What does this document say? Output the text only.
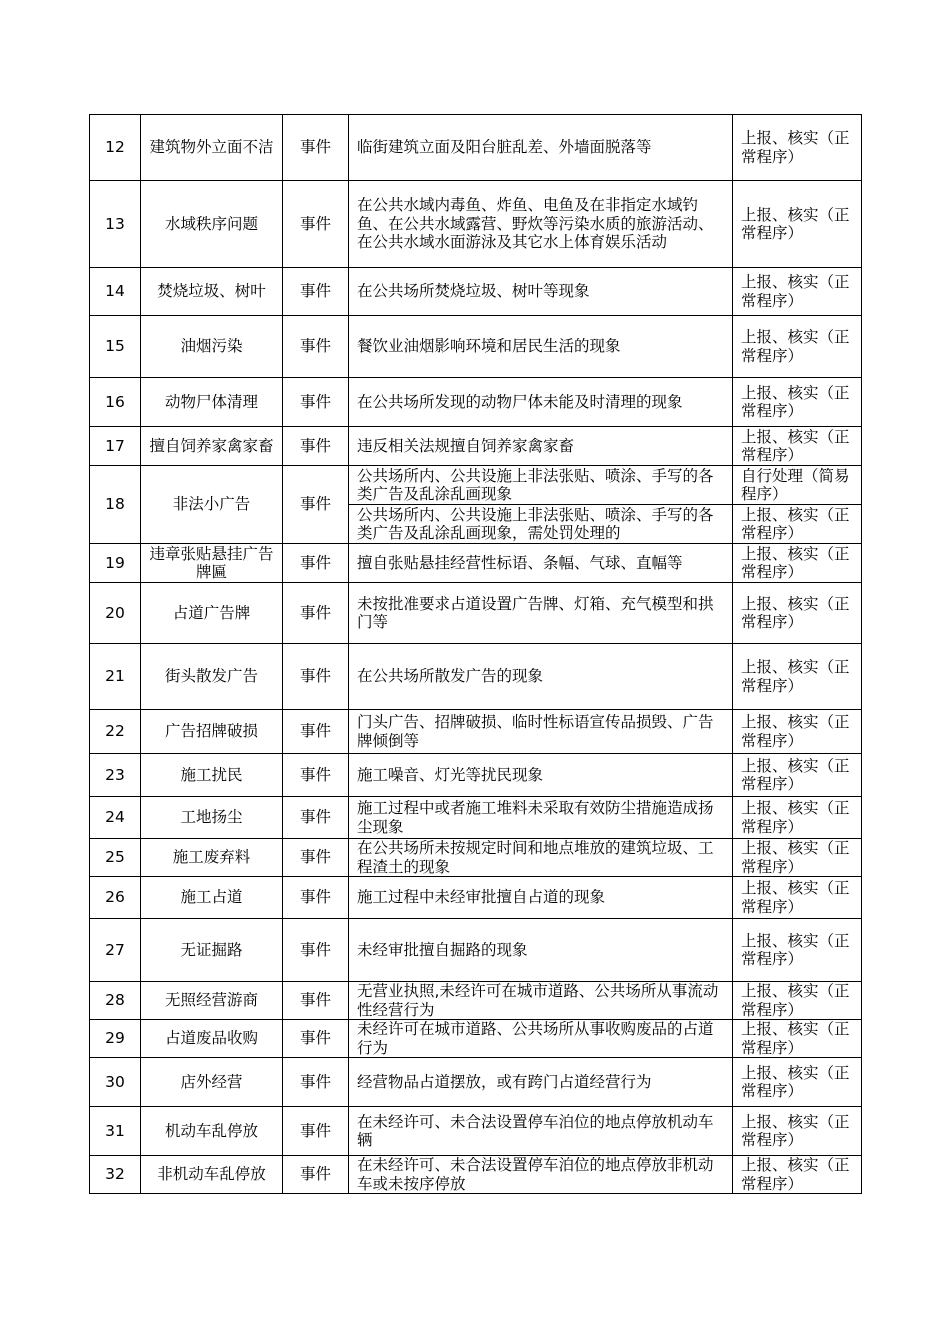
12	建筑物外立面不洁	事件	临街建筑立面及阳台脏乱差、外墙面脱落等	上报、核实（正常程序）
13	水域秩序问题	事件	在公共水域内毒鱼、炸鱼、电鱼及在非指定水域钓鱼、在公共水域露营、野炊等污染水质的旅游活动、在公共水域水面游泳及其它水上体育娱乐活动	上报、核实（正常程序）
14	焚烧垃圾、树叶	事件	在公共场所焚烧垃圾、树叶等现象	上报、核实（正常程序）
15	油烟污染	事件	餐饮业油烟影响环境和居民生活的现象	上报、核实（正常程序）
16	动物尸体清理	事件	在公共场所发现的动物尸体未能及时清理的现象	上报、核实（正常程序）
17	擅自饲养家禽家畜	事件	违反相关法规擅自饲养家禽家畜	上报、核实（正常程序）
18	非法小广告	事件	公共场所内、公共设施上非法张贴、喷涂、手写的各类广告及乱涂乱画现象	自行处理（简易程序）
			公共场所内、公共设施上非法张贴、喷涂、手写的各类广告及乱涂乱画现象，需处罚处理的	上报、核实（正常程序）
19	违章张贴悬挂广告牌匾	事件	擅自张贴悬挂经营性标语、条幅、气球、直幅等	上报、核实（正常程序）
20	占道广告牌	事件	未按批准要求占道设置广告牌、灯箱、充气模型和拱门等	上报、核实（正常程序）
21	街头散发广告	事件	在公共场所散发广告的现象	上报、核实（正常程序）
22	广告招牌破损	事件	门头广告、招牌破损、临时性标语宣传品损毁、广告牌倾倒等	上报、核实（正常程序）
23	施工扰民	事件	施工噪音、灯光等扰民现象	上报、核实（正常程序）
24	工地扬尘	事件	施工过程中或者施工堆料未采取有效防尘措施造成扬尘现象	上报、核实（正常程序）
25	施工废弃料	事件	在公共场所未按规定时间和地点堆放的建筑垃圾、工程渣土的现象	上报、核实（正常程序）
26	施工占道	事件	施工过程中未经审批擅自占道的现象	上报、核实（正常程序）
27	无证掘路	事件	未经审批擅自掘路的现象	上报、核实（正常程序）
28	无照经营游商	事件	无营业执照,未经许可在城市道路、公共场所从事流动性经营行为	上报、核实（正常程序）
29	占道废品收购	事件	未经许可在城市道路、公共场所从事收购废品的占道行为	上报、核实（正常程序）
30	店外经营	事件	经营物品占道摆放，或有跨门占道经营行为	上报、核实（正常程序）
31	机动车乱停放	事件	在未经许可、未合法设置停车泊位的地点停放机动车辆	上报、核实（正常程序）
32	非机动车乱停放	事件	在未经许可、未合法设置停车泊位的地点停放非机动车或未按序停放	上报、核实（正常程序）
